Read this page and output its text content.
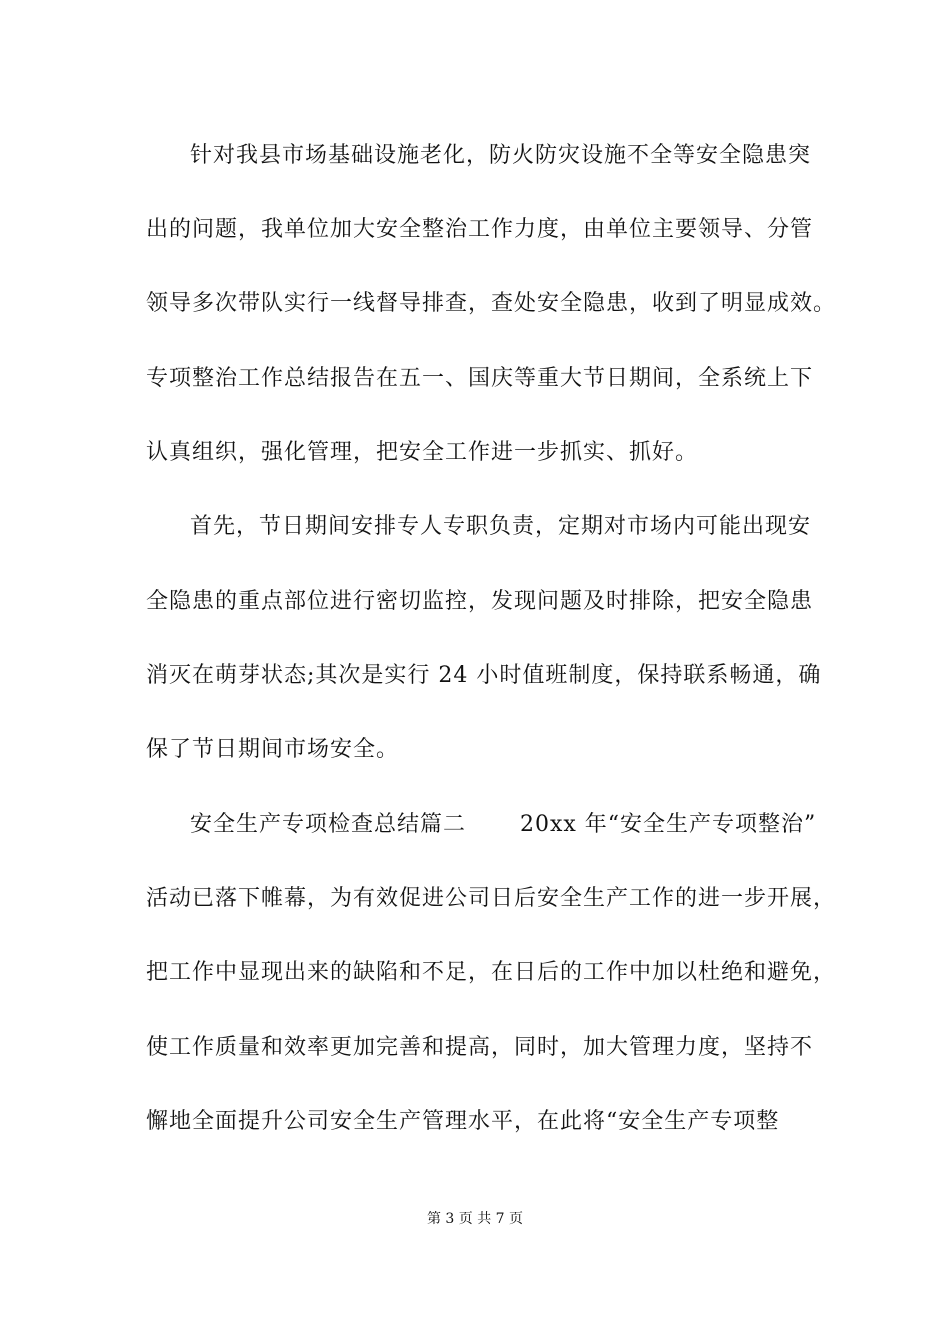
针对我县市场基础设施老化，防火防灾设施不全等安全隐患突
出的问题，我单位加大安全整治工作力度，由单位主要领导、分管
领导多次带队实行一线督导排查，查处安全隐患，收到了明显成效。
专项整治工作总结报告在五一、国庆等重大节日期间，全系统上下
认真组织，强化管理，把安全工作进一步抓实、抓好。
首先，节日期间安排专人专职负责，定期对市场内可能出现安
全隐患的重点部位进行密切监控，发现问题及时排除，把安全隐患
消灭在萌芽状态;其次是实行 24 小时值班制度，保持联系畅通，确
保了节日期间市场安全。
安全生产专项检查总结篇二　　 20xx 年“安全生产专项整治”
活动已落下帷幕，为有效促进公司日后安全生产工作的进一步开展，
把工作中显现出来的缺陷和不足，在日后的工作中加以杜绝和避免，
使工作质量和效率更加完善和提高，同时，加大管理力度，坚持不
懈地全面提升公司安全生产管理水平，在此将“安全生产专项整
第 3 页 共 7 页
